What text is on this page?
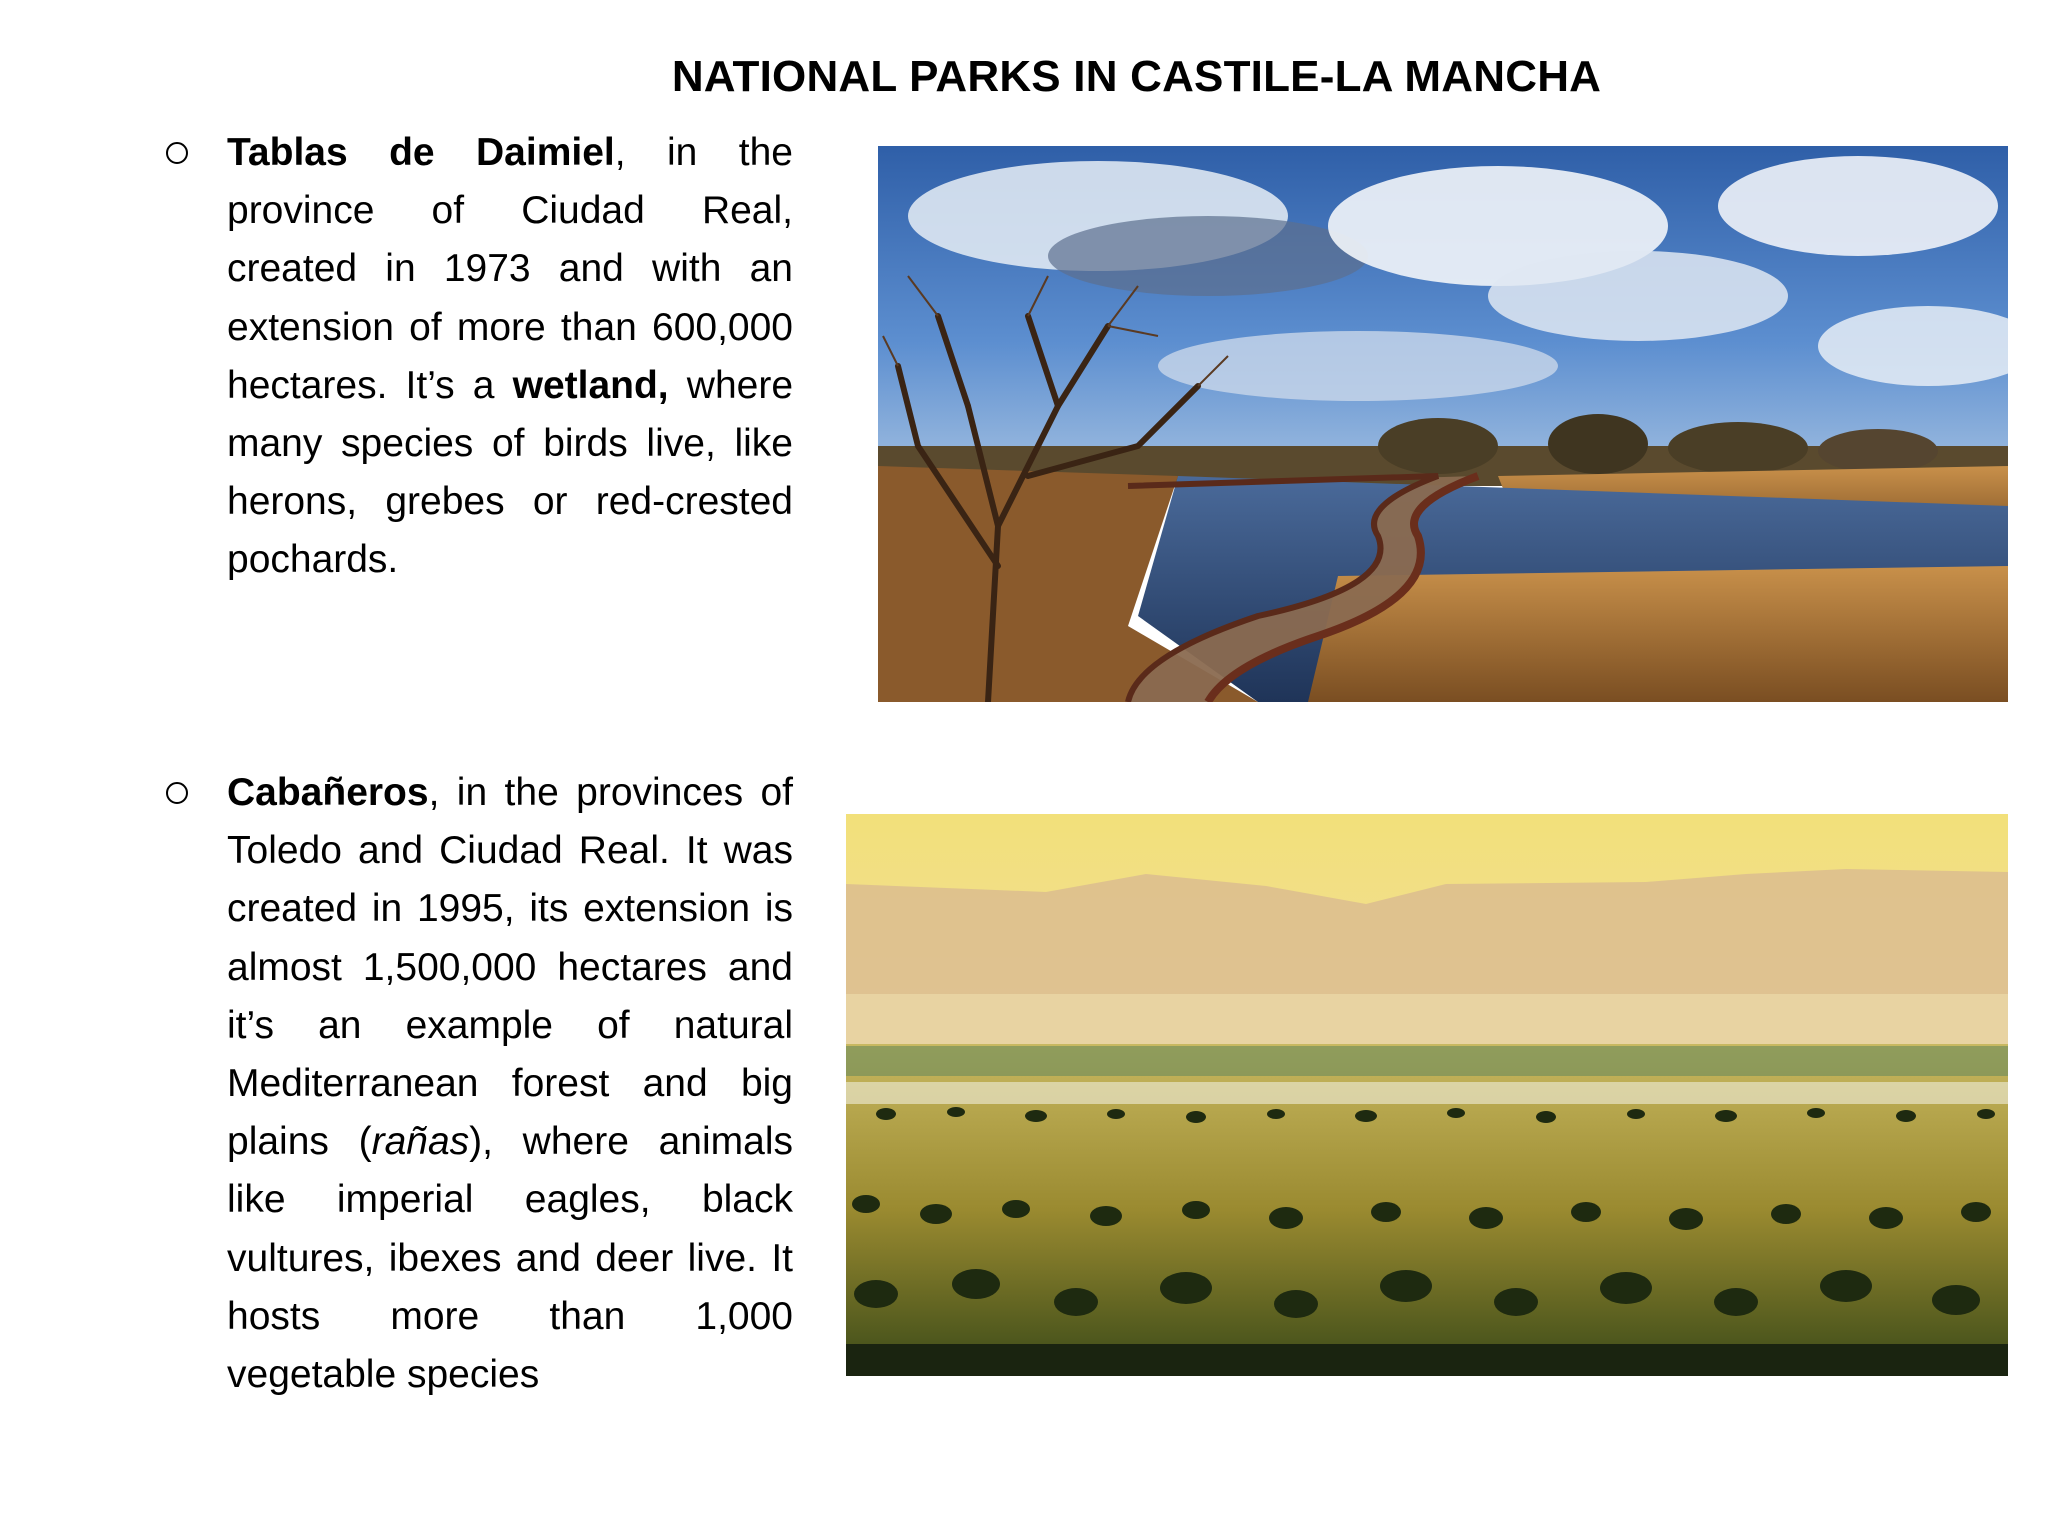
NATIONAL PARKS IN CASTILE-LA MANCHA

Tablas de Daimiel, in the province of Ciudad Real, created in 1973 and with an extension of more than 600,000 hectares. It’s a wetland, where many species of birds live, like herons, grebes or red-crested pochards.

Cabañeros, in the provinces of Toledo and Ciudad Real. It was created in 1995, its extension is almost 1,500,000 hectares and it’s an example of natural Mediterranean forest and big plains (rañas), where animals like imperial eagles, black vultures, ibexes and deer live. It hosts more than 1,000 vegetable species
